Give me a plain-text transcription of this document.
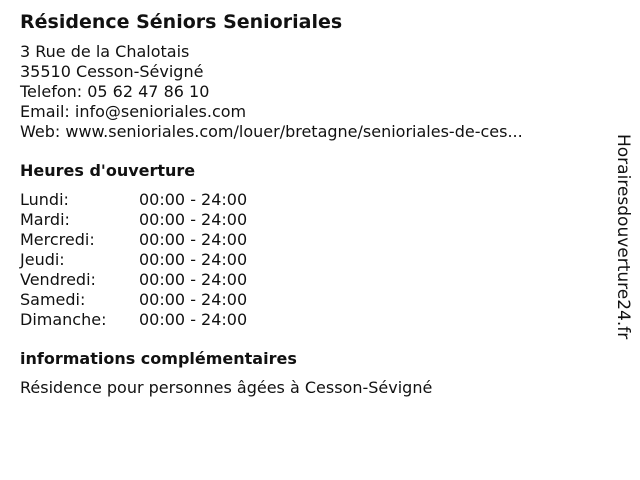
Résidence Séniors Senioriales
3 Rue de la Chalotais
35510 Cesson-Sévigné
Telefon: 05 62 47 86 10
Email: info@senioriales.com
Web: www.senioriales.com/louer/bretagne/senioriales-de-ces...
Heures d'ouverture
Lundi:	00:00 - 24:00
Mardi:	00:00 - 24:00
Mercredi:	00:00 - 24:00
Jeudi:	00:00 - 24:00
Vendredi:	00:00 - 24:00
Samedi:	00:00 - 24:00
Dimanche:	00:00 - 24:00
informations complémentaires
Résidence pour personnes âgées à Cesson-Sévigné
Horairesdouverture24.fr
